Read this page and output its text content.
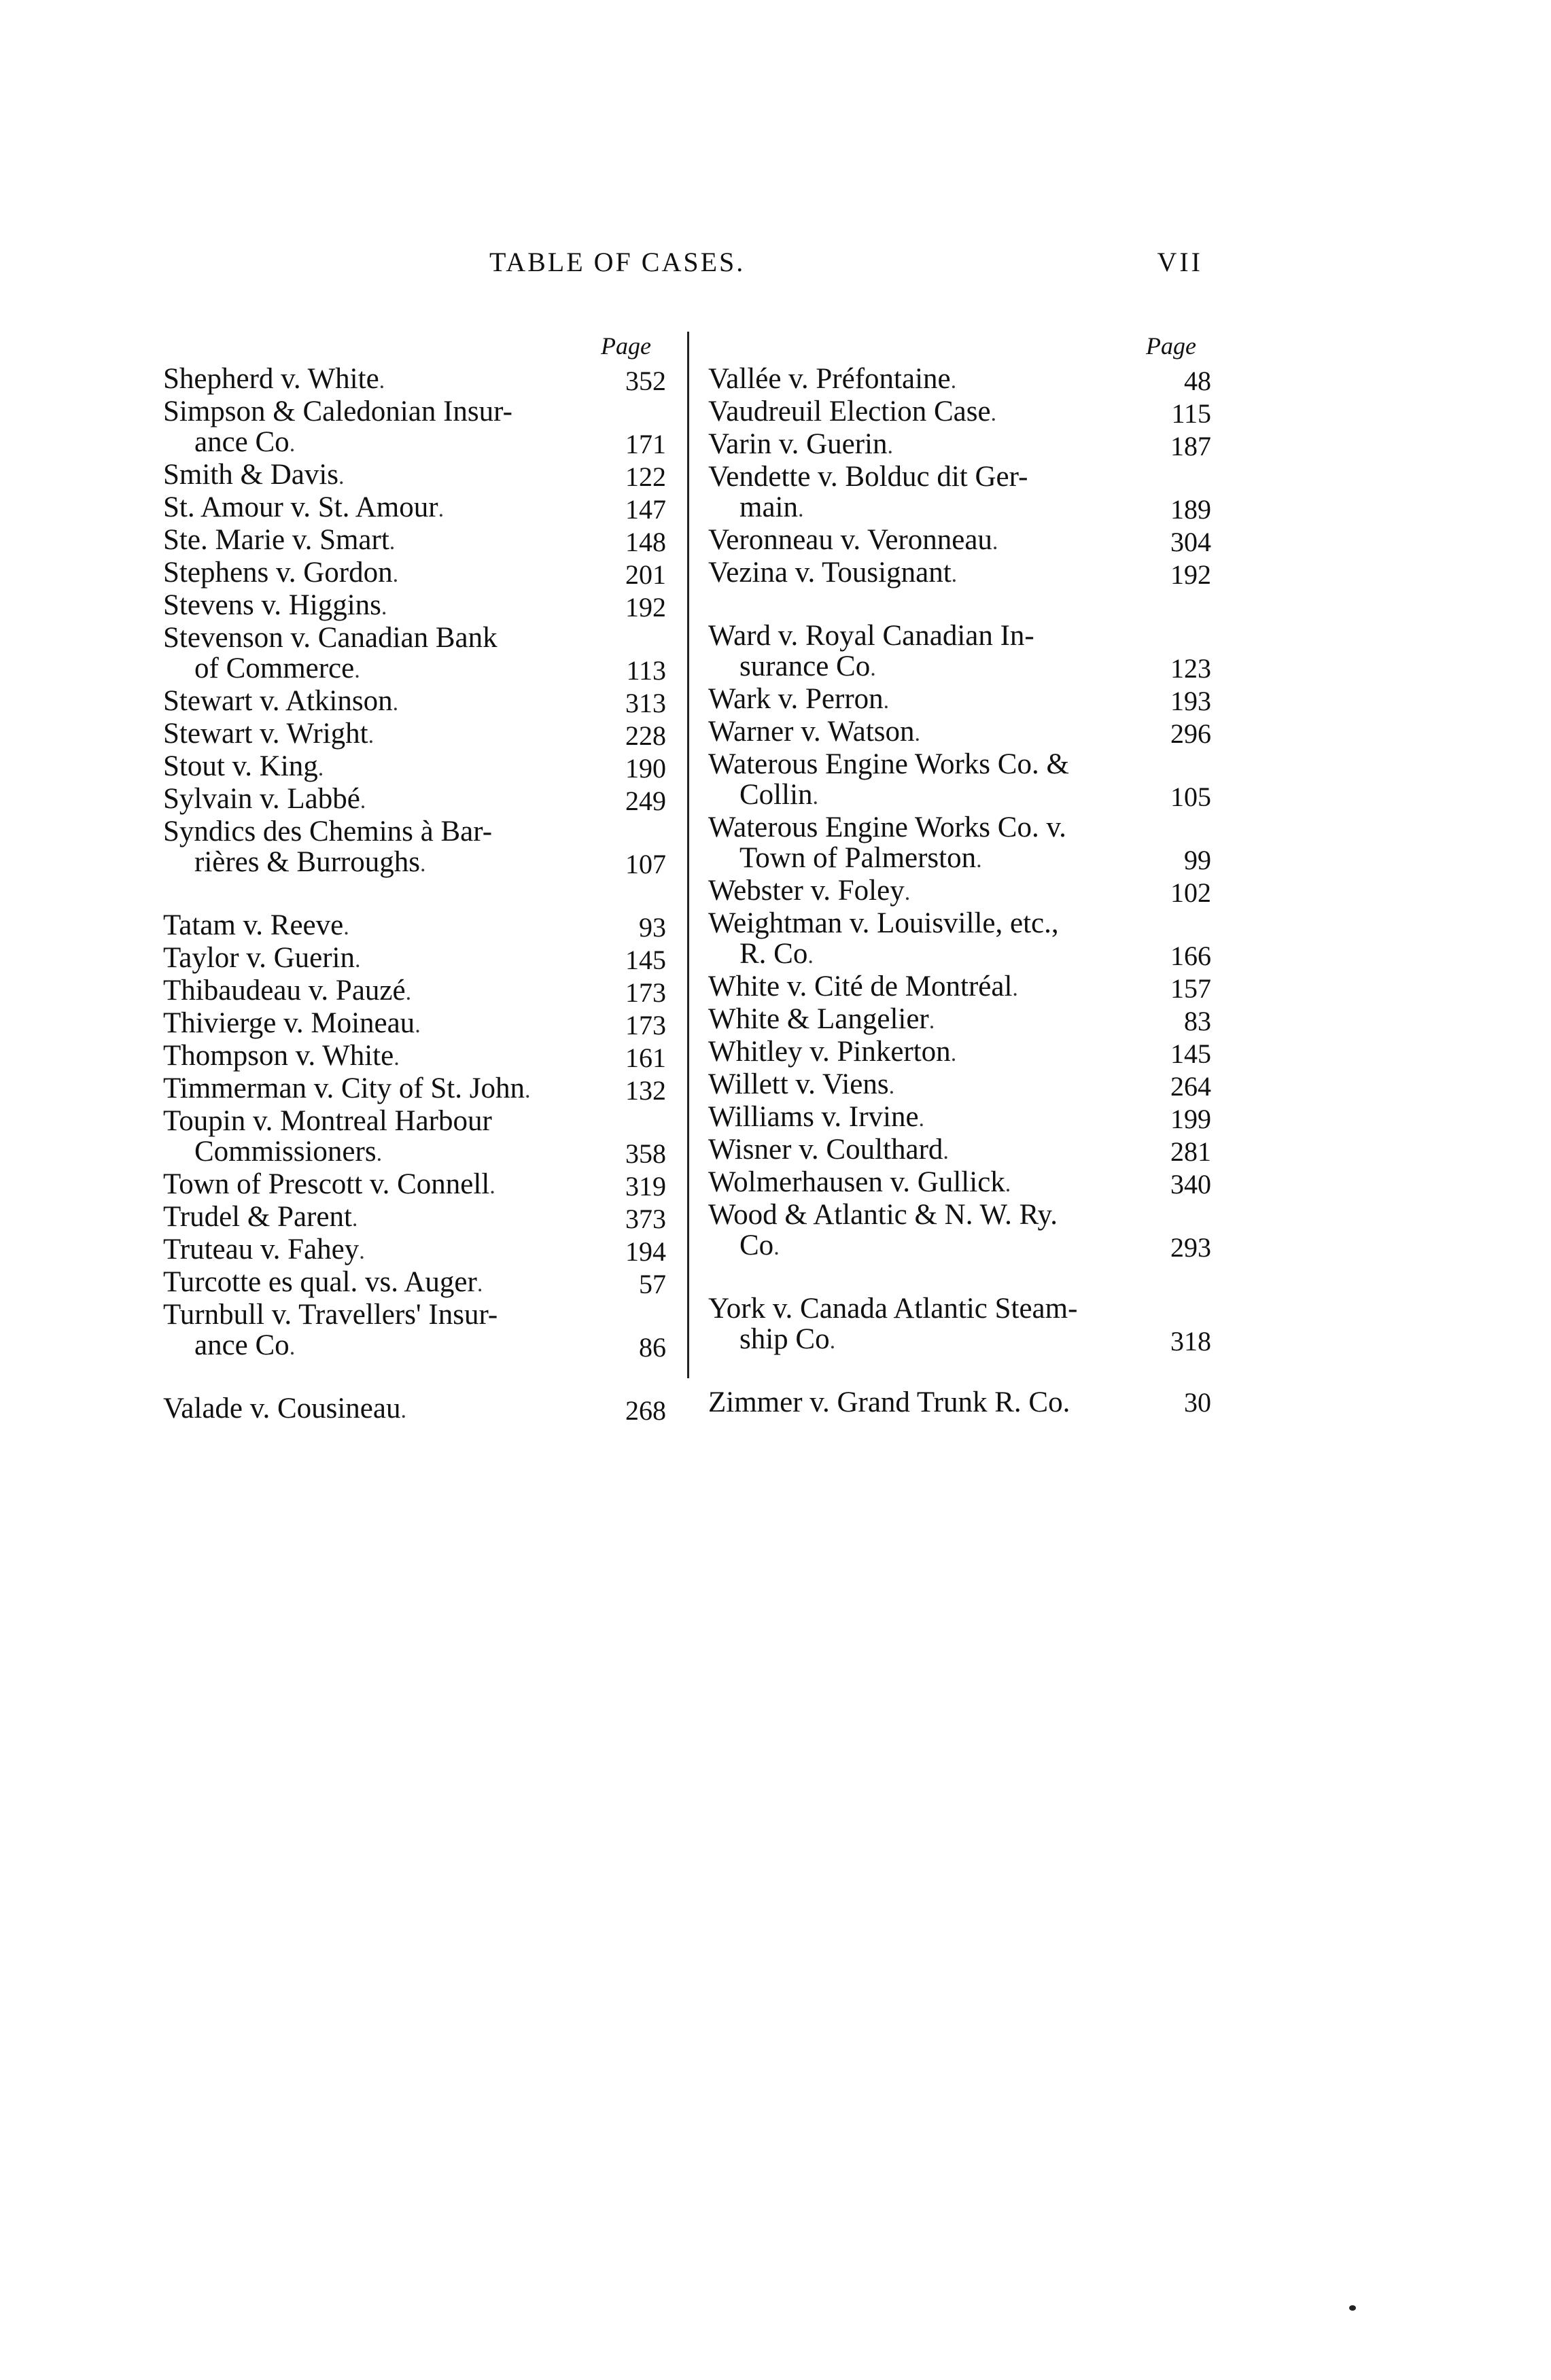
TABLE OF CASES.	VII
Page
Shepherd v. White.	352
Simpson & Caledonian Insur-
ance Co.	171
Smith & Davis.	122
St. Amour v. St. Amour.	147
Ste. Marie v. Smart.	148
Stephens v. Gordon.	201
Stevens v. Higgins.	192
Stevenson v. Canadian Bank
of Commerce.	113
Stewart v. Atkinson.	313
Stewart v. Wright.	228
Stout v. King.	190
Sylvain v. Labbé.	249
Syndics des Chemins à Bar-
rières & Burroughs.	107
Tatam v. Reeve.	93
Taylor v. Guerin.	145
Thibaudeau v. Pauzé.	173
Thivierge v. Moineau.	173
Thompson v. White.	161
Timmerman v. City of St. John.	132
Toupin v. Montreal Harbour
Commissioners.	358
Town of Prescott v. Connell.	319
Trudel & Parent.	373
Truteau v. Fahey.	194
Turcotte es qual. vs. Auger.	57
Turnbull v. Travellers' Insur-
ance Co.	86
Valade v. Cousineau.	268
Page
Vallée v. Préfontaine.	48
Vaudreuil Election Case.	115
Varin v. Guerin.	187
Vendette v. Bolduc dit Ger-
main.	189
Veronneau v. Veronneau.	304
Vezina v. Tousignant.	192
Ward v. Royal Canadian In-
surance Co.	123
Wark v. Perron.	193
Warner v. Watson.	296
Waterous Engine Works Co. &
Collin.	105
Waterous Engine Works Co. v.
Town of Palmerston.	99
Webster v. Foley.	102
Weightman v. Louisville, etc.,
R. Co.	166
White v. Cité de Montréal.	157
White & Langelier.	83
Whitley v. Pinkerton.	145
Willett v. Viens.	264
Williams v. Irvine.	199
Wisner v. Coulthard.	281
Wolmerhausen v. Gullick.	340
Wood & Atlantic & N. W. Ry.
Co.	293
York v. Canada Atlantic Steam-
ship Co.	318
Zimmer v. Grand Trunk R. Co.	30
